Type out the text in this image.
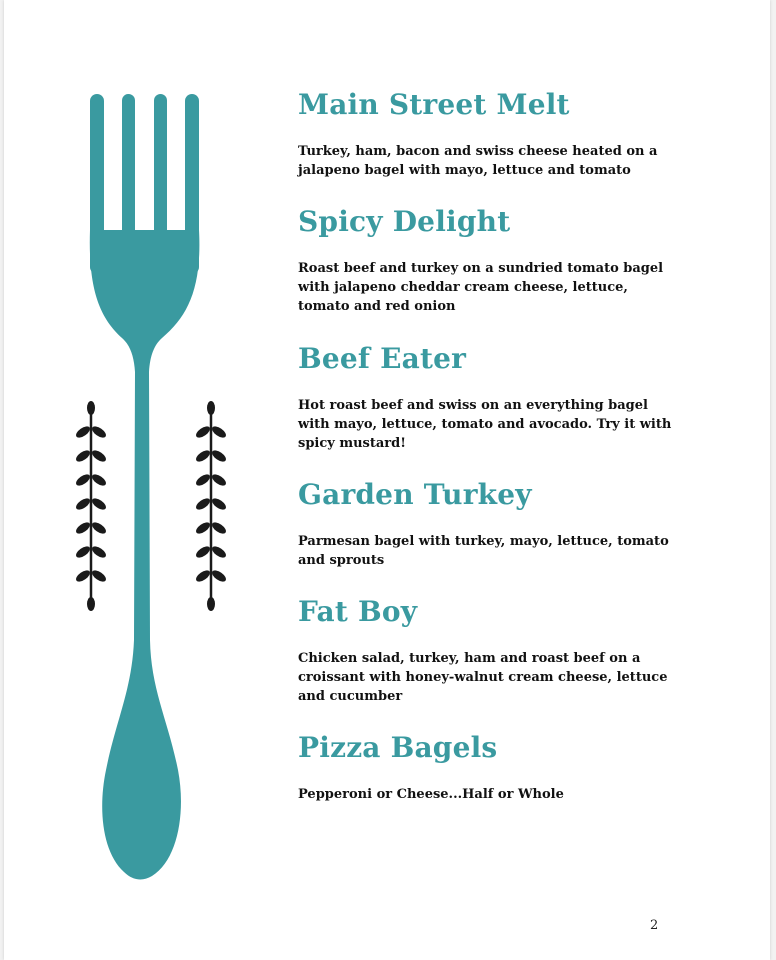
Main Street Melt

Turkey, ham, bacon and swiss cheese heated on a jalapeno bagel with mayo, lettuce and tomato

Spicy Delight

Roast beef and turkey on a sundried tomato bagel with jalapeno cheddar cream cheese, lettuce, tomato and red onion

Beef Eater

Hot roast beef and swiss on an everything bagel with mayo, lettuce, tomato and avocado. Try it with spicy mustard!

Garden Turkey

Parmesan bagel with turkey, mayo, lettuce, tomato and sprouts

Fat Boy

Chicken salad, turkey, ham and roast beef on a croissant with honey-walnut cream cheese, lettuce and cucumber

Pizza Bagels

Pepperoni or Cheese...Half or Whole

2
